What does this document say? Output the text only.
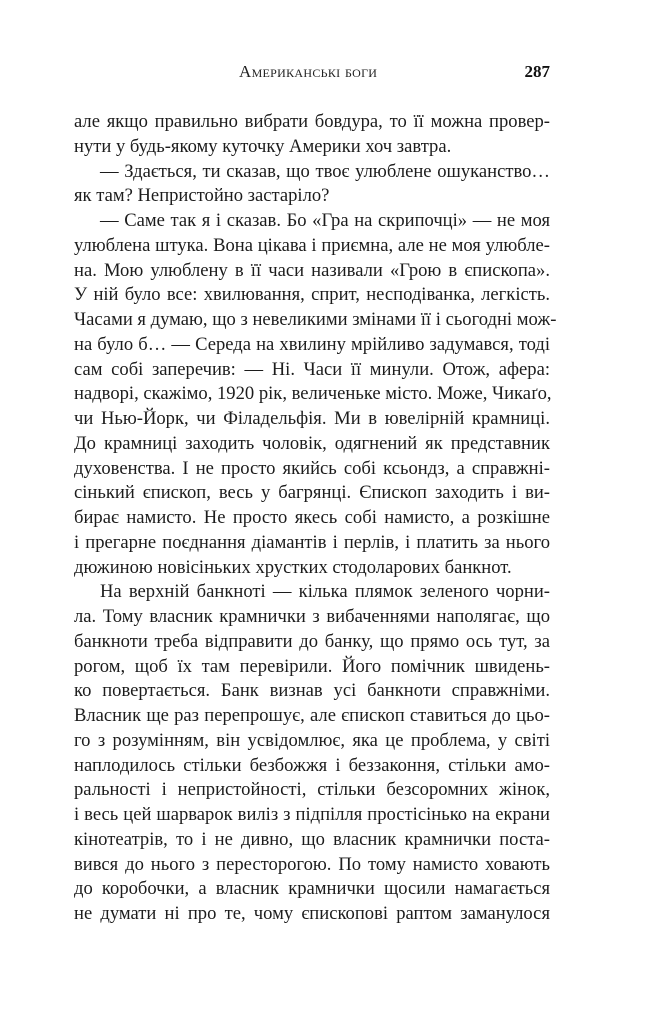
Американські боги	287
але якщо правильно вибрати бовдура, то її можна провер-
нути у будь-якому куточку Америки хоч завтра.
— Здається, ти сказав, що твоє улюблене ошуканство…
як там? Непристойно застаріло?
— Саме так я і сказав. Бо «Гра на скрипочці» — не моя
улюблена штука. Вона цікава і приємна, але не моя улюбле-
на. Мою улюблену в її часи називали «Грою в єпископа».
У ній було все: хвилювання, сприт, несподіванка, легкість.
Часами я думаю, що з невеликими змінами її і сьогодні мож-
на було б… — Середа на хвилину мрійливо задумався, тоді
сам собі заперечив: — Ні. Часи її минули. Отож, афера:
надворі, скажімо, 1920 рік, величеньке місто. Може, Чикаґо,
чи Нью-Йорк, чи Філадельфія. Ми в ювелірній крамниці.
До крамниці заходить чоловік, одягнений як представник
духовенства. І не просто якийсь собі ксьондз, а справжні-
сінький єпископ, весь у багрянці. Єпископ заходить і ви-
бирає намисто. Не просто якесь собі намисто, а розкішне
і прегарне поєднання діамантів і перлів, і платить за нього
дюжиною новісіньких хрустких стодоларових банкнот.
На верхній банкноті — кілька плямок зеленого чорни-
ла. Тому власник крамнички з вибаченнями наполягає, що
банкноти треба відправити до банку, що прямо ось тут, за
рогом, щоб їх там перевірили. Його помічник швидень-
ко повертається. Банк визнав усі банкноти справжніми.
Власник ще раз перепрошує, але єпископ ставиться до цьо-
го з розумінням, він усвідомлює, яка це проблема, у світі
наплодилось стільки безбожжя і беззаконня, стільки амо-
ральності і непристойності, стільки безсоромних жінок,
і весь цей шарварок виліз з підпілля простісінько на екрани
кінотеатрів, то і не дивно, що власник крамнички поста-
вився до нього з пересторогою. По тому намисто ховають
до коробочки, а власник крамнички щосили намагається
не думати ні про те, чому єпископові раптом заманулося
